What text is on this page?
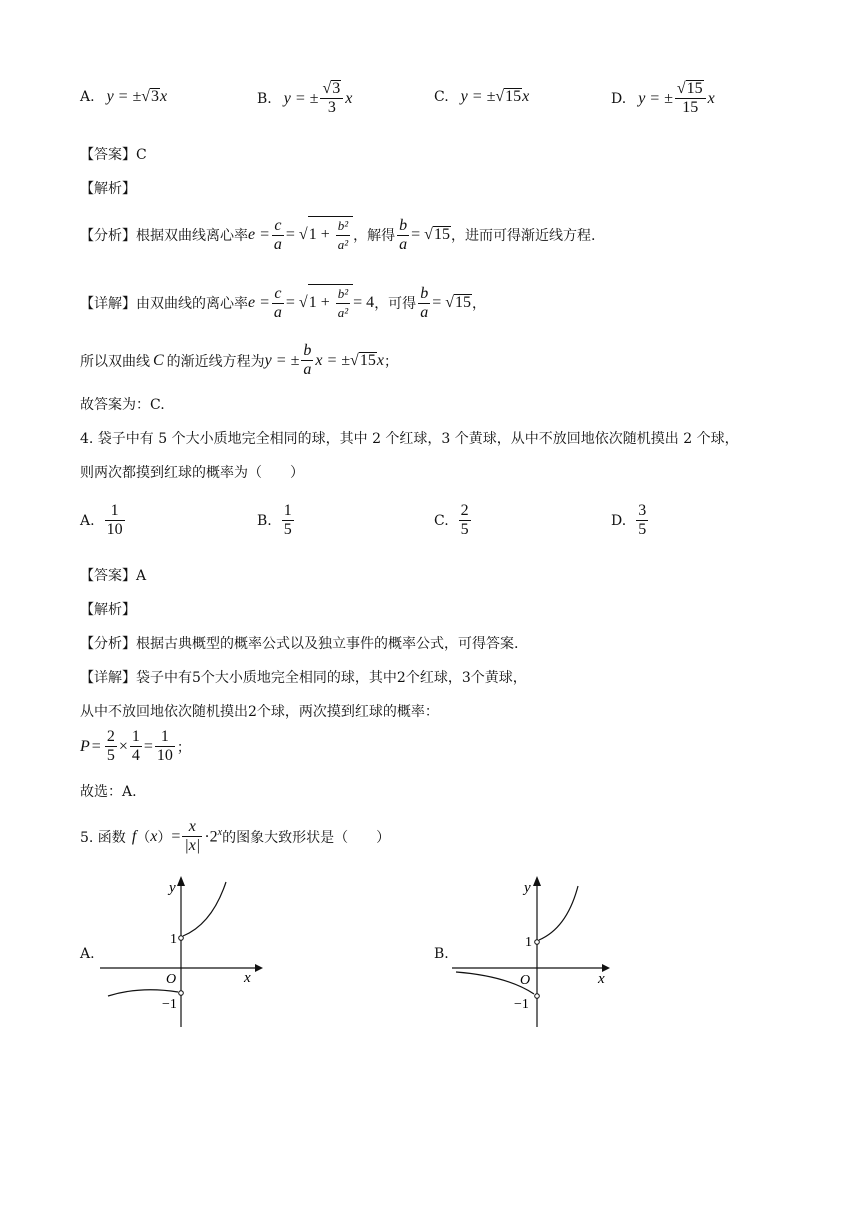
A. y = ± √3 x	B. y = ± $\frac{√3}{3}$ x	C. y = ± √15 x	D. y = ± $\frac{√15}{15}$ x
【答案】C
【解析】
【分析】根据双曲线离心率 $e = \frac{c}{a} = √1 + \frac{\text{b²}}{\text{a²}}$ ，解得 $\frac{b}{a} = √15$ ，进而可得渐近线方程.
【详解】由双曲线的离心率 $e = \frac{c}{a} = √1 + \frac{\text{b²}}{\text{a²}} = 4$ ，可得 $\frac{b}{a} = √15$ ，
所以双曲线 C 的渐近线方程为 y = ± $\frac{b}{a}$ x = ± √15x ；
故答案为：C.
4. 袋子中有 5 个大小质地完全相同的球，其中 2 个红球，3 个黄球，从中不放回地依次随机摸出 2 个球，
则两次都摸到红球的概率为（　　）
A. $\frac{1}{10}$	B. $\frac{1}{5}$	C. $\frac{2}{5}$	D. $\frac{3}{5}$
【答案】A
【解析】
【分析】根据古典概型的概率公式以及独立事件的概率公式，可得答案.
【详解】袋子中有5个大小质地完全相同的球，其中2个红球，3个黄球，
从中不放回地依次随机摸出2个球，两次摸到红球的概率：
$P = \frac{2}{5} \times \frac{1}{4} = \frac{1}{10}$ ；
故选：A.
5. 函数 f （ x ） = $\frac{x}{|x|} \cdot 2^x$ 的图象大致形状是（　　）
A.
y
x
O
1
−1
B.
y
x
O
1
−1
